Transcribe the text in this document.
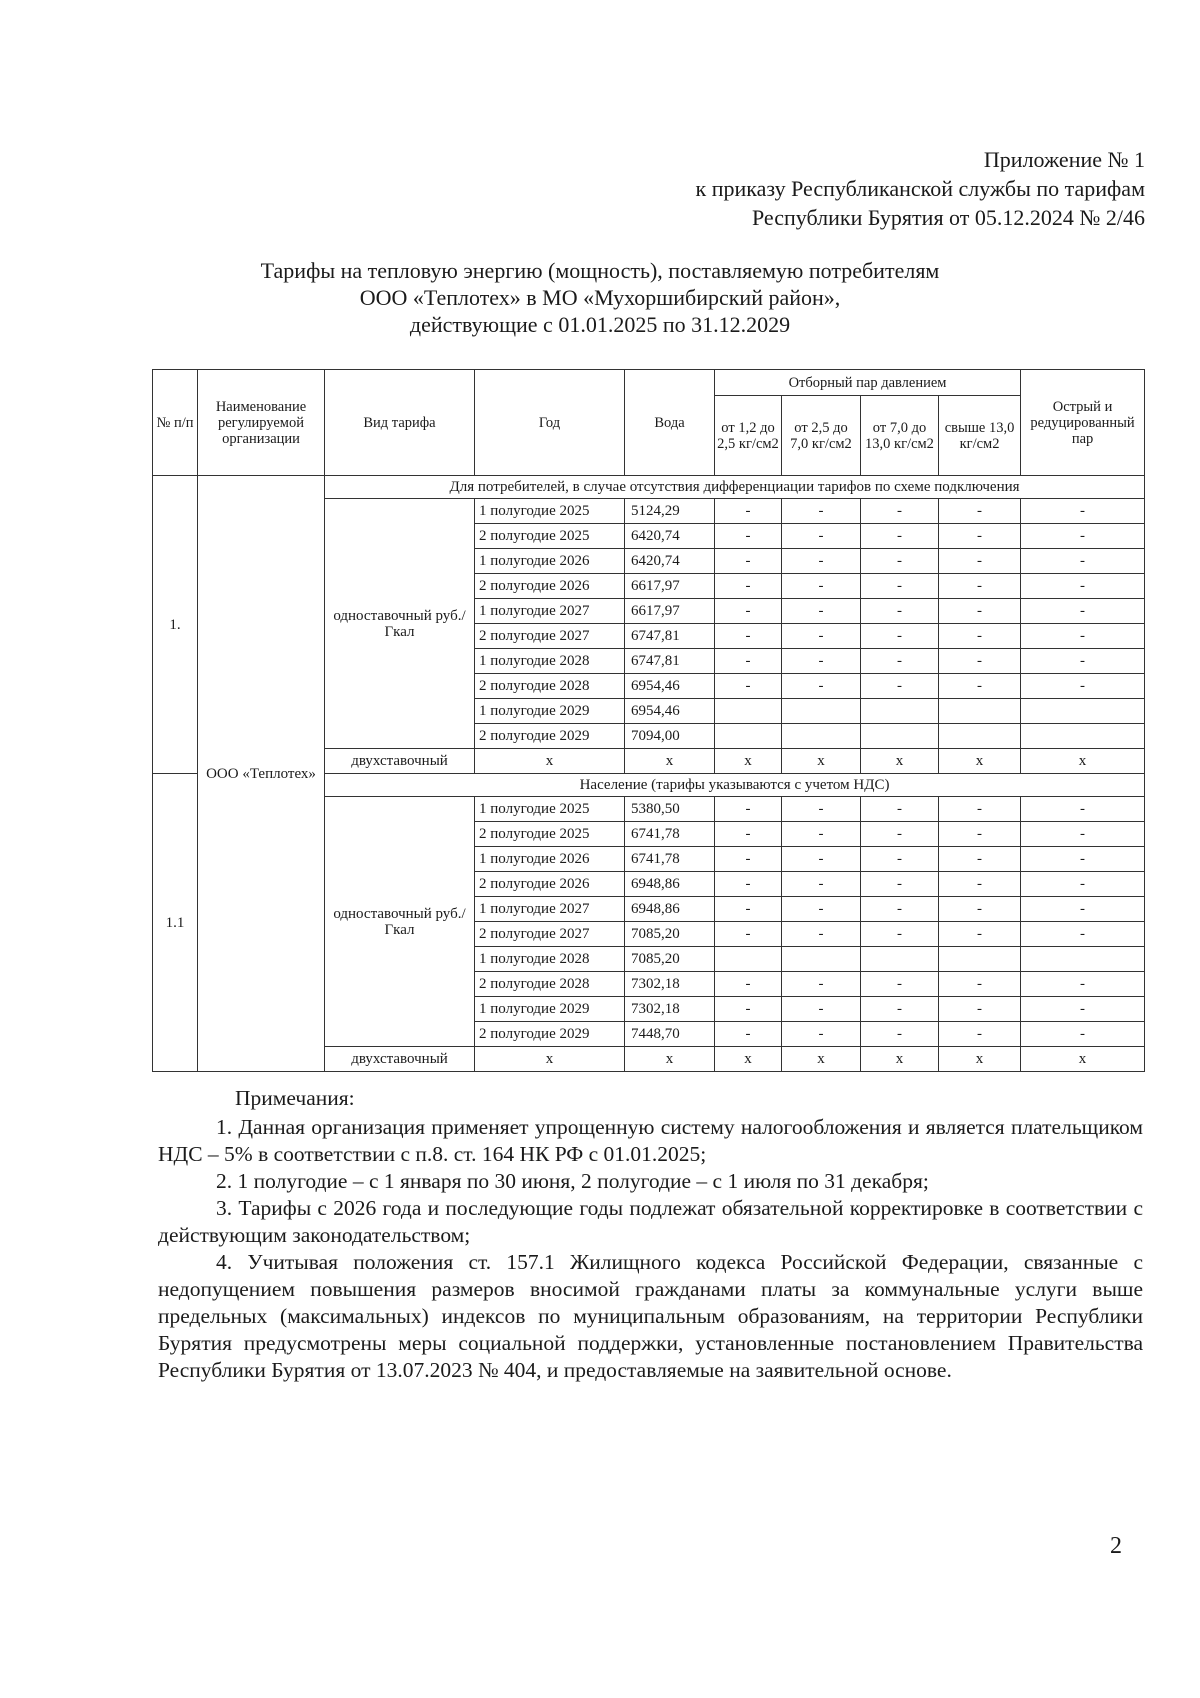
Приложение № 1
к приказу Республиканской службы по тарифам
Республики Бурятия от 05.12.2024 № 2/46
Тарифы на тепловую энергию (мощность), поставляемую потребителям
ООО «Теплотех» в МО «Мухоршибирский район»,
действующие с 01.01.2025 по 31.12.2029
№ п/п	Наименование регулируемой организации	Вид тарифа	Год	Вода	Отборный пар давлением				Острый и редуцированный пар
					от 1,2 до 2,5 кг/см2	от 2,5 до 7,0 кг/см2	от 7,0 до 13,0 кг/см2	свыше 13,0 кг/см2	
1.	ООО «Теплотех»	Для потребителей, в случае отсутствия дифференциации тарифов по схеме подключения							
		одноставочный руб./Гкал	1 полугодие 2025	5124,29	-	-	-	-	-
			2 полугодие 2025	6420,74	-	-	-	-	-
			1 полугодие 2026	6420,74	-	-	-	-	-
			2 полугодие 2026	6617,97	-	-	-	-	-
			1 полугодие 2027	6617,97	-	-	-	-	-
			2 полугодие 2027	6747,81	-	-	-	-	-
			1 полугодие 2028	6747,81	-	-	-	-	-
			2 полугодие 2028	6954,46	-	-	-	-	-
			1 полугодие 2029	6954,46					
			2 полугодие 2029	7094,00					
		двухставочный	х	х	х	х	х	х	х
1.1		Население (тарифы указываются с учетом НДС)							
		одноставочный руб./Гкал	1 полугодие 2025	5380,50	-	-	-	-	-
			2 полугодие 2025	6741,78	-	-	-	-	-
			1 полугодие 2026	6741,78	-	-	-	-	-
			2 полугодие 2026	6948,86	-	-	-	-	-
			1 полугодие 2027	6948,86	-	-	-	-	-
			2 полугодие 2027	7085,20	-	-	-	-	-
			1 полугодие 2028	7085,20					
			2 полугодие 2028	7302,18	-	-	-	-	-
			1 полугодие 2029	7302,18	-	-	-	-	-
			2 полугодие 2029	7448,70	-	-	-	-	-
		двухставочный	х	х	х	х	х	х	х
Примечания:

1. Данная организация применяет упрощенную систему налогообложения и является плательщиком НДС – 5% в соответствии с п.8. ст. 164 НК РФ с 01.01.2025;

2. 1 полугодие – с 1 января по 30 июня, 2 полугодие – с 1 июля по 31 декабря;

3. Тарифы с 2026 года и последующие годы подлежат обязательной корректировке в соответствии с действующим законодательством;

4. Учитывая положения ст. 157.1 Жилищного кодекса Российской Федерации, связанные с недопущением повышения размеров вносимой гражданами платы за коммунальные услуги выше предельных (максимальных) индексов по муниципальным образованиям, на территории Республики Бурятия предусмотрены меры социальной поддержки, установленные постановлением Правительства Республики Бурятия от 13.07.2023 № 404, и предоставляемые на заявительной основе.

2
